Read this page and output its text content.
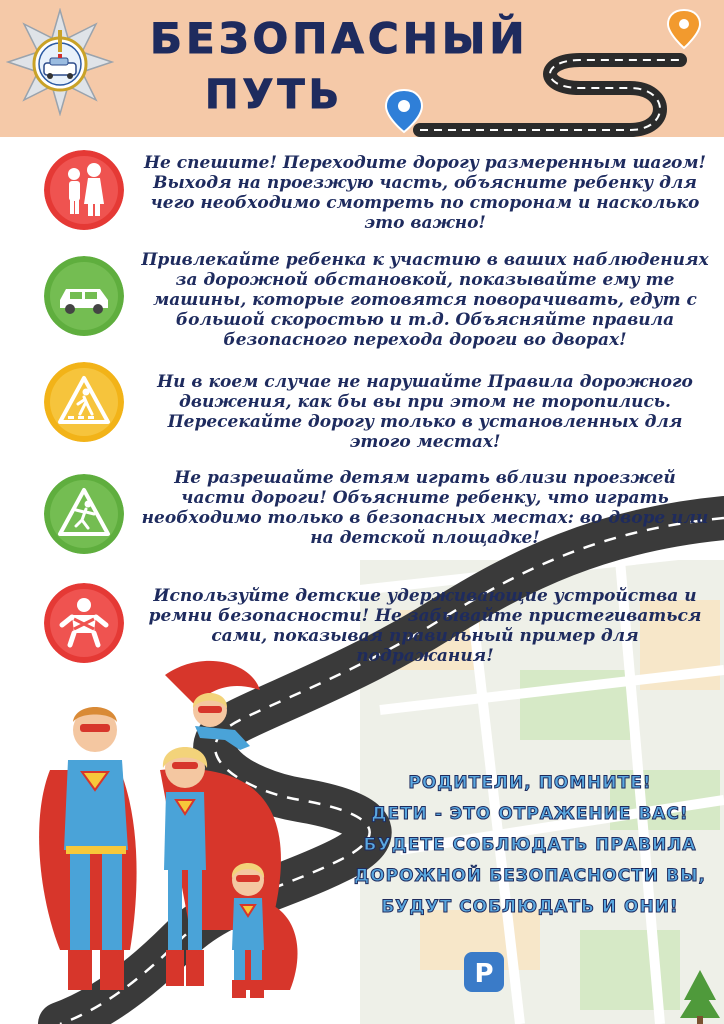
БЕЗОПАСНЫЙ
ПУТЬ
P
Не спешите! Переходите дорогу размеренным шагом! Выходя на проезжую часть, объясните ребенку для чего необходимо смотреть по сторонам и насколько это важно!
Привлекайте ребенка к участию в ваших наблюдениях за дорожной обстановкой, показывайте ему те машины, которые готовятся поворачивать, едут с большой скоростью и т.д. Объясняйте правила безопасного перехода дороги во дворах!
Ни в коем случае не нарушайте Правила дорожного движения, как бы вы при этом не торопились. Пересекайте дорогу только в установленных для этого местах!
Не разрешайте детям играть вблизи проезжей части дороги! Объясните ребенку, что играть необходимо только в безопасных местах: во дворе или на детской площадке!
Используйте детские удерживающие устройства и ремни безопасности! Не забывайте пристегиваться сами, показывая правильный пример для подражания!
РОДИТЕЛИ, ПОМНИТЕ!
ДЕТИ - ЭТО ОТРАЖЕНИЕ ВАС!
БУДЕТЕ СОБЛЮДАТЬ ПРАВИЛА
ДОРОЖНОЙ БЕЗОПАСНОСТИ ВЫ,
БУДУТ СОБЛЮДАТЬ И ОНИ!
